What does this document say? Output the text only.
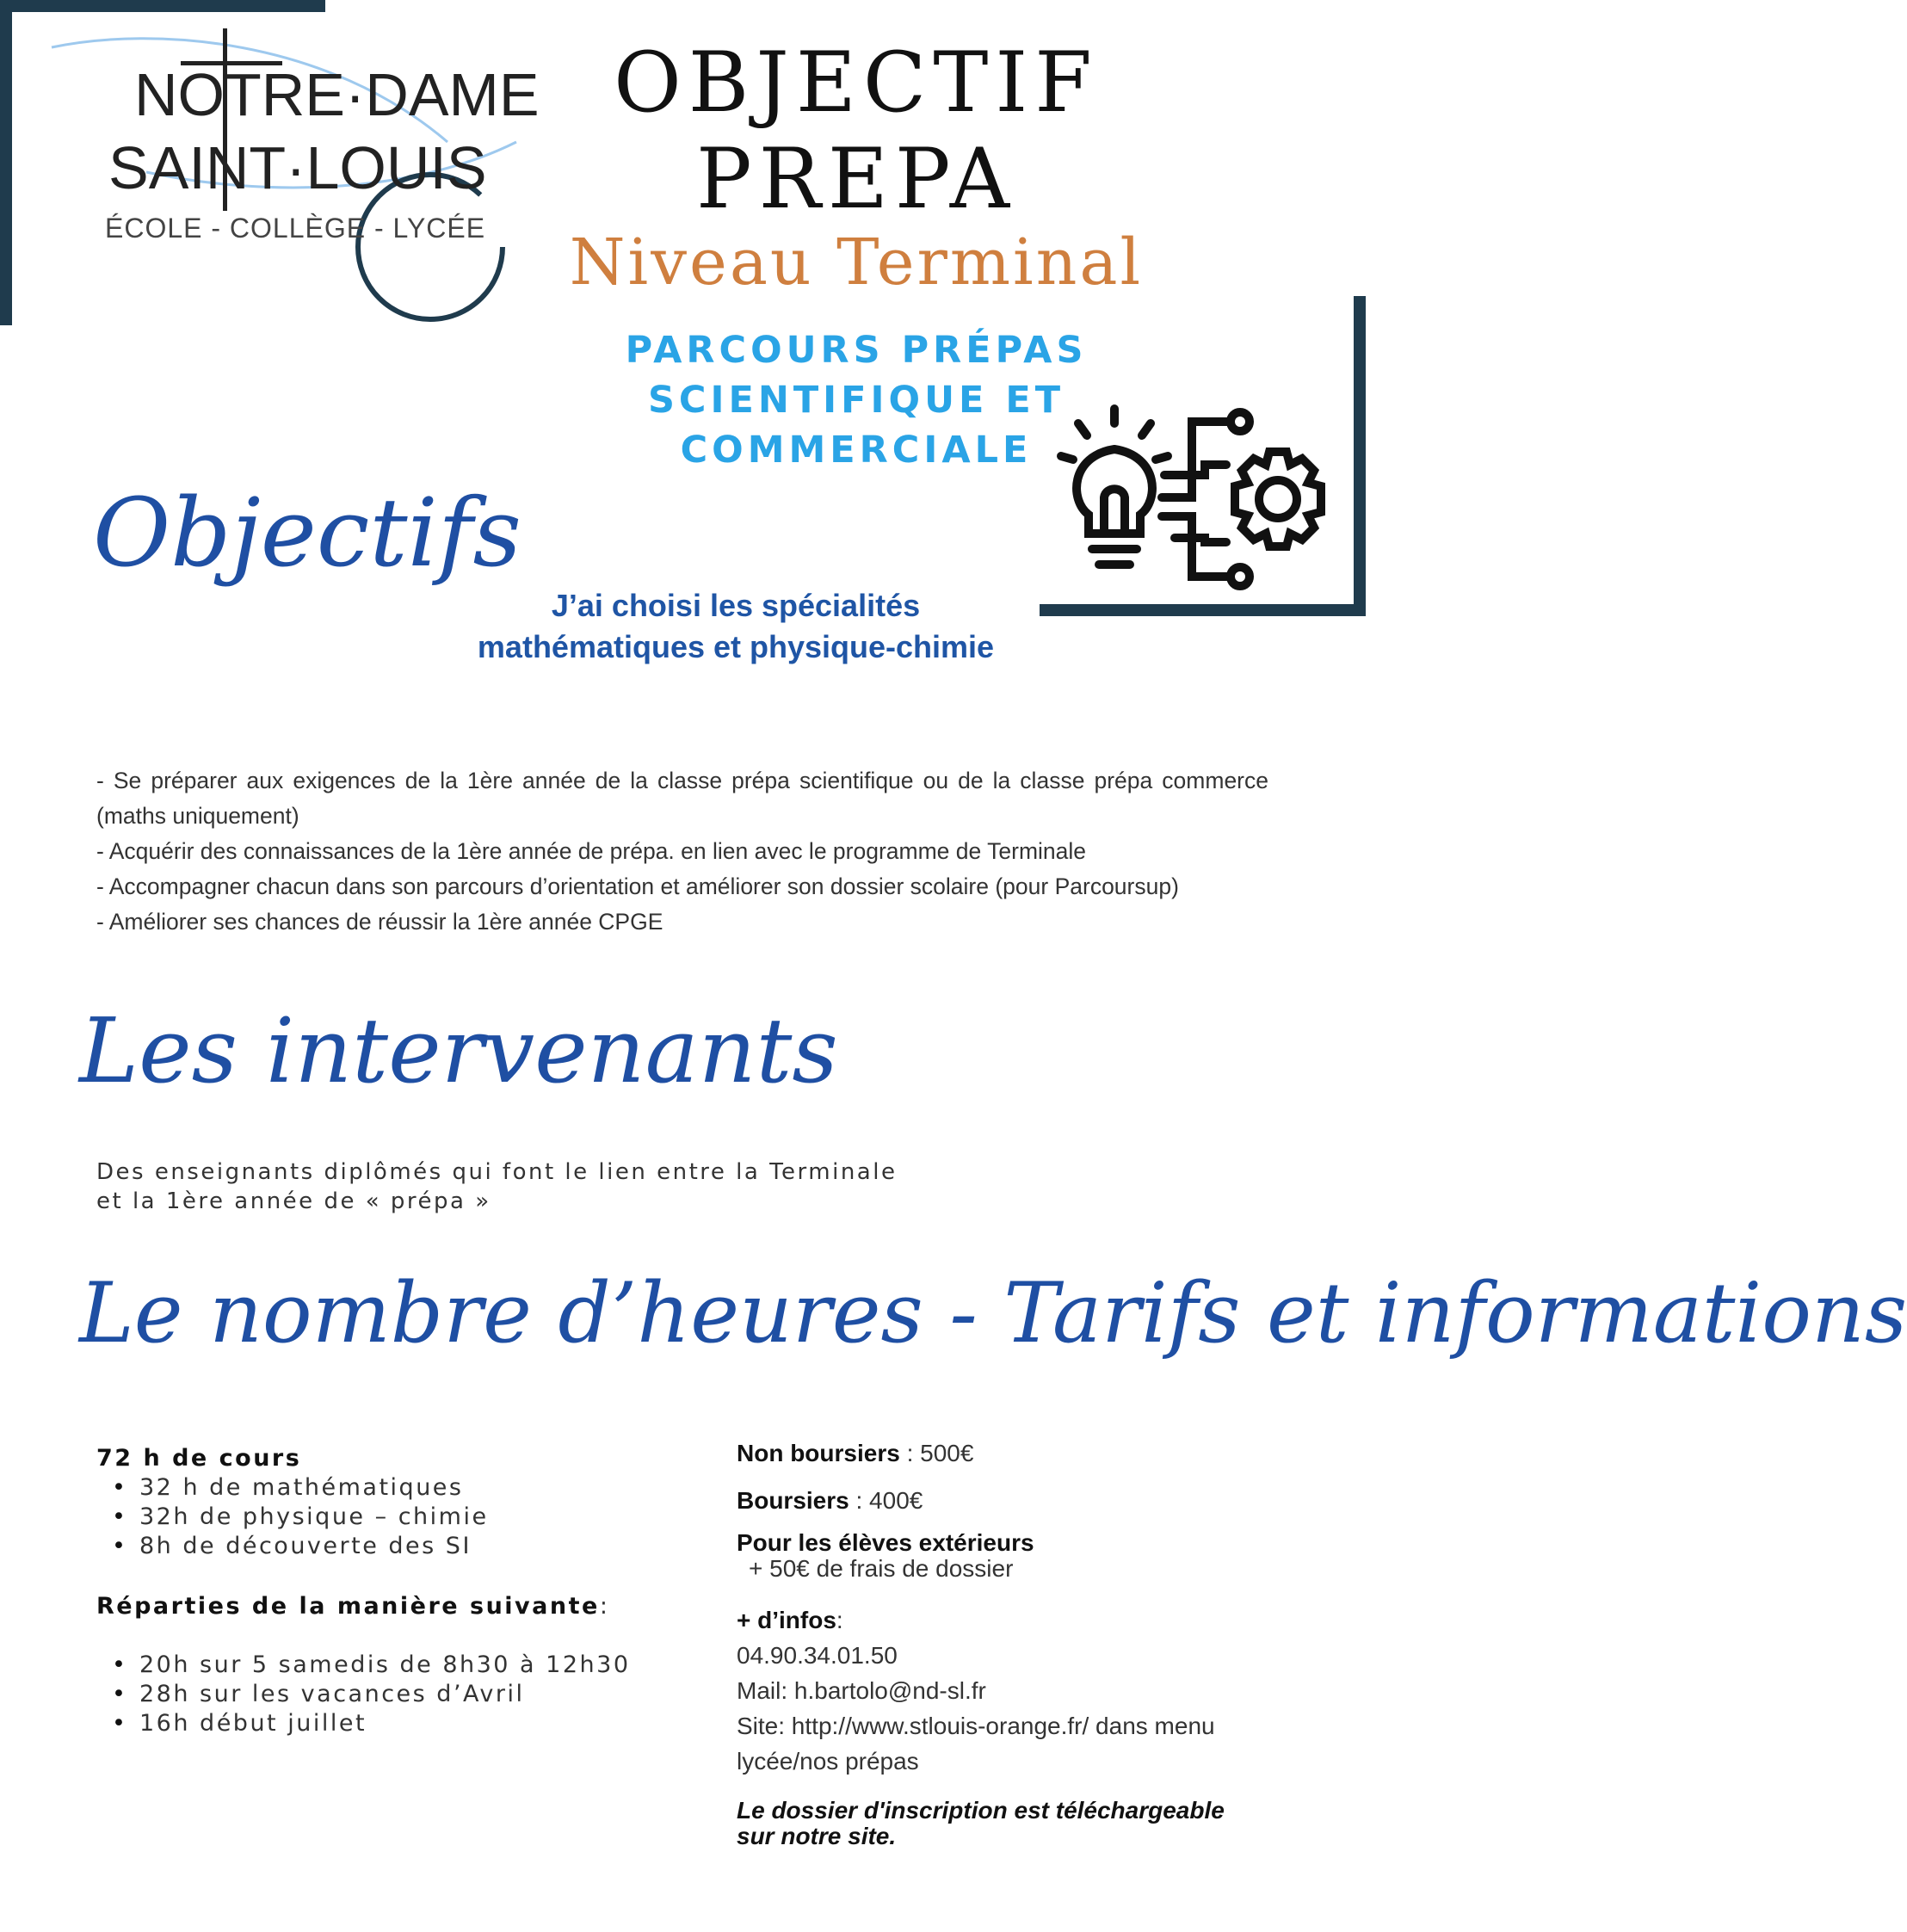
NOTRE·DAME
SAINT·LOUIS
ÉCOLE - COLLÈGE - LYCÉE
OBJECTIF
PREPA
Niveau Terminal
PARCOURS PRÉPAS
SCIENTIFIQUE ET
COMMERCIALE
Objectifs
J’ai choisi les spécialités
mathématiques et physique-chimie

- Se préparer aux exigences de la 1ère année de la classe prépa scientifique ou de la classe prépa commerce (maths uniquement)

- Acquérir des connaissances de la 1ère année de prépa. en lien avec le programme de Terminale

- Accompagner chacun dans son parcours d’orientation et améliorer son dossier scolaire (pour Parcoursup)

- Améliorer ses chances de réussir la 1ère année CPGE

Les intervenants
Des enseignants diplômés qui font le lien entre la Terminale
et la 1ère année de « prépa »
Le nombre d’heures - Tarifs et informations
72 h de cours
• 32 h de mathématiques
• 32h de physique – chimie
• 8h de découverte des SI
Réparties de la manière suivante:
• 20h sur 5 samedis de 8h30 à 12h30
• 28h sur les vacances d’Avril
• 16h début juillet
Non boursiers : 500€
Boursiers : 400€
Pour les élèves extérieurs
+ 50€ de frais de dossier
+ d’infos:
04.90.34.01.50
Mail: h.bartolo@nd-sl.fr
Site: http://www.stlouis-orange.fr/ dans menu
lycée/nos prépas
Le dossier d'inscription est téléchargeable
sur notre site.
